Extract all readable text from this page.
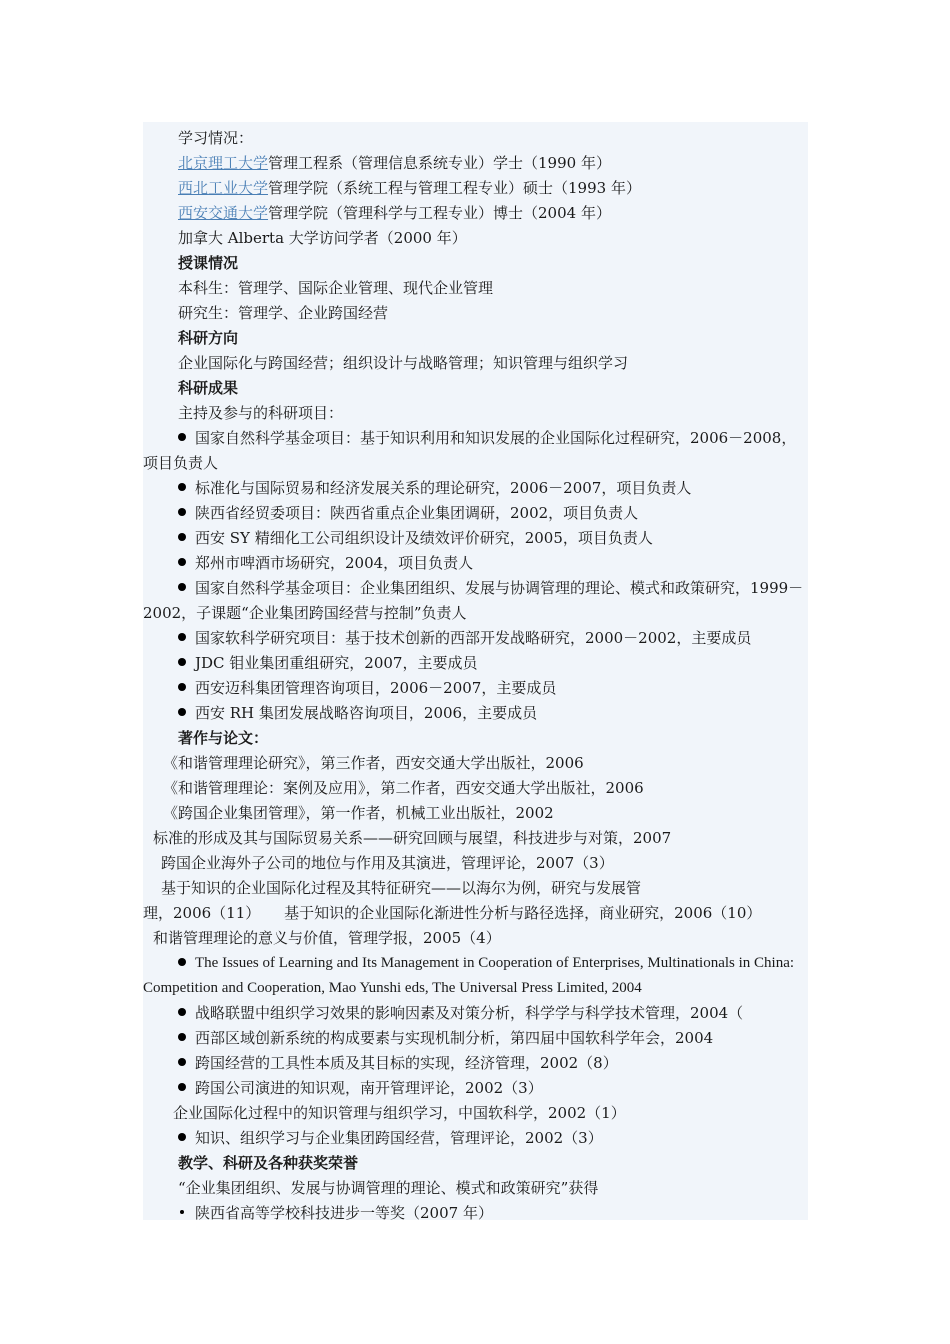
学习情况：
北京理工大学管理工程系（管理信息系统专业）学士（1990 年）
西北工业大学管理学院（系统工程与管理工程专业）硕士（1993 年）
西安交通大学管理学院（管理科学与工程专业）博士（2004 年）
加拿大 Alberta 大学访问学者（2000 年）
授课情况
本科生：管理学、国际企业管理、现代企业管理
研究生：管理学、企业跨国经营
科研方向
企业国际化与跨国经营；组织设计与战略管理；知识管理与组织学习
科研成果
主持及参与的科研项目：
国家自然科学基金项目：基于知识利用和知识发展的企业国际化过程研究，2006－2008，项目负责人
标准化与国际贸易和经济发展关系的理论研究，2006－2007，项目负责人
陕西省经贸委项目：陕西省重点企业集团调研，2002，项目负责人
西安 SY 精细化工公司组织设计及绩效评价研究，2005，项目负责人
郑州市啤酒市场研究，2004，项目负责人
国家自然科学基金项目：企业集团组织、发展与协调管理的理论、模式和政策研究，1999－2002，子课题“企业集团跨国经营与控制”负责人
国家软科学研究项目：基于技术创新的西部开发战略研究，2000－2002，主要成员
JDC 钼业集团重组研究，2007，主要成员
西安迈科集团管理咨询项目，2006－2007，主要成员
西安 RH 集团发展战略咨询项目，2006，主要成员
著作与论文：
《和谐管理理论研究》，第三作者，西安交通大学出版社，2006
《和谐管理理论：案例及应用》，第二作者，西安交通大学出版社，2006
《跨国企业集团管理》，第一作者，机械工业出版社，2002
标准的形成及其与国际贸易关系——研究回顾与展望，科技进步与对策，2007
跨国企业海外子公司的地位与作用及其演进，管理评论，2007（3）
基于知识的企业国际化过程及其特征研究——以海尔为例，研究与发展管
理，2006（11）     基于知识的企业国际化渐进性分析与路径选择，商业研究，2006（10）
和谐管理理论的意义与价值，管理学报，2005（4）
The Issues of Learning and Its Management in Cooperation of Enterprises, Multinationals in China: Competition and Cooperation, Mao Yunshi eds, The Universal Press Limited, 2004
战略联盟中组织学习效果的影响因素及对策分析，科学学与科学技术管理，2004（
西部区域创新系统的构成要素与实现机制分析，第四届中国软科学年会，2004
跨国经营的工具性本质及其目标的实现，经济管理，2002（8）
跨国公司演进的知识观，南开管理评论，2002（3）
企业国际化过程中的知识管理与组织学习，中国软科学，2002（1）
知识、组织学习与企业集团跨国经营，管理评论，2002（3）
教学、科研及各种获奖荣誉
“企业集团组织、发展与协调管理的理论、模式和政策研究”获得
陕西省高等学校科技进步一等奖（2007 年）
